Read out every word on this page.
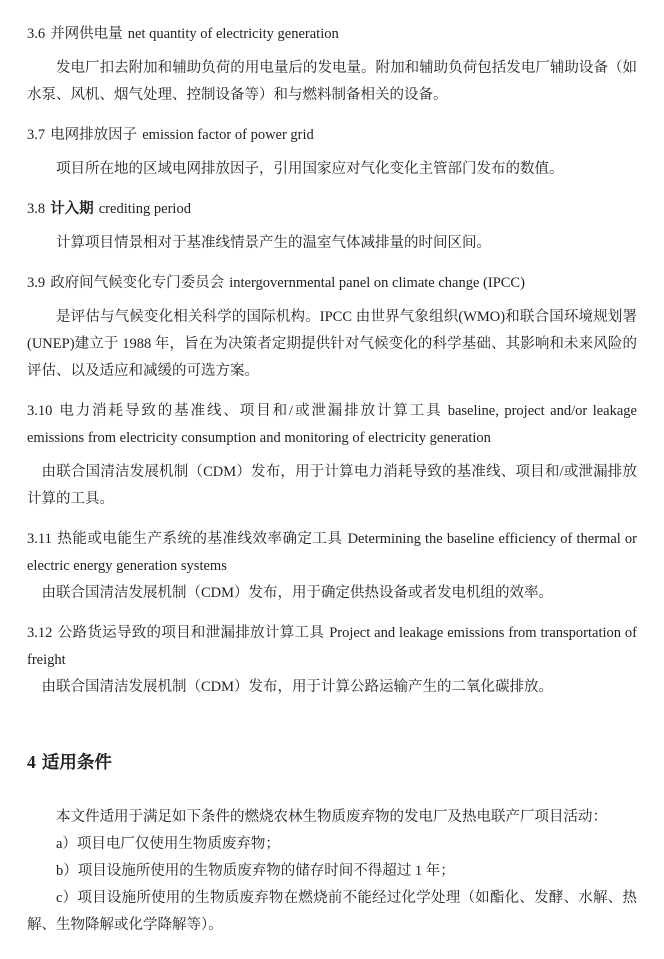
3.6 并网供电量 net quantity of electricity generation

发电厂扣去附加和辅助负荷的用电量后的发电量。附加和辅助负荷包括发电厂辅助设备（如水泵、风机、烟气处理、控制设备等）和与燃料制备相关的设备。

3.7 电网排放因子 emission factor of power grid

项目所在地的区域电网排放因子，引用国家应对气化变化主管部门发布的数值。

3.8 计入期 crediting period

计算项目情景相对于基准线情景产生的温室气体减排量的时间区间。

3.9 政府间气候变化专门委员会 intergovernmental panel on climate change (IPCC)

是评估与气候变化相关科学的国际机构。IPCC 由世界气象组织(WMO)和联合国环境规划署(UNEP)建立于 1988 年，旨在为决策者定期提供针对气候变化的科学基础、其影响和未来风险的评估、以及适应和减缓的可选方案。

3.10 电力消耗导致的基准线、项目和/或泄漏排放计算工具 baseline, project and/or leakage emissions from electricity consumption and monitoring of electricity generation

由联合国清洁发展机制（CDM）发布，用于计算电力消耗导致的基准线、项目和/或泄漏排放计算的工具。

3.11 热能或电能生产系统的基准线效率确定工具 Determining the baseline efficiency of thermal or electric energy generation systems

由联合国清洁发展机制（CDM）发布，用于确定供热设备或者发电机组的效率。

3.12 公路货运导致的项目和泄漏排放计算工具 Project and leakage emissions from transportation of freight

由联合国清洁发展机制（CDM）发布，用于计算公路运输产生的二氧化碳排放。

4 适用条件

本文件适用于满足如下条件的燃烧农林生物质废弃物的发电厂及热电联产厂项目活动：

a）项目电厂仅使用生物质废弃物；

b）项目设施所使用的生物质废弃物的储存时间不得超过 1 年；

c）项目设施所使用的生物质废弃物在燃烧前不能经过化学处理（如酯化、发酵、水解、热解、生物降解或化学降解等）。
